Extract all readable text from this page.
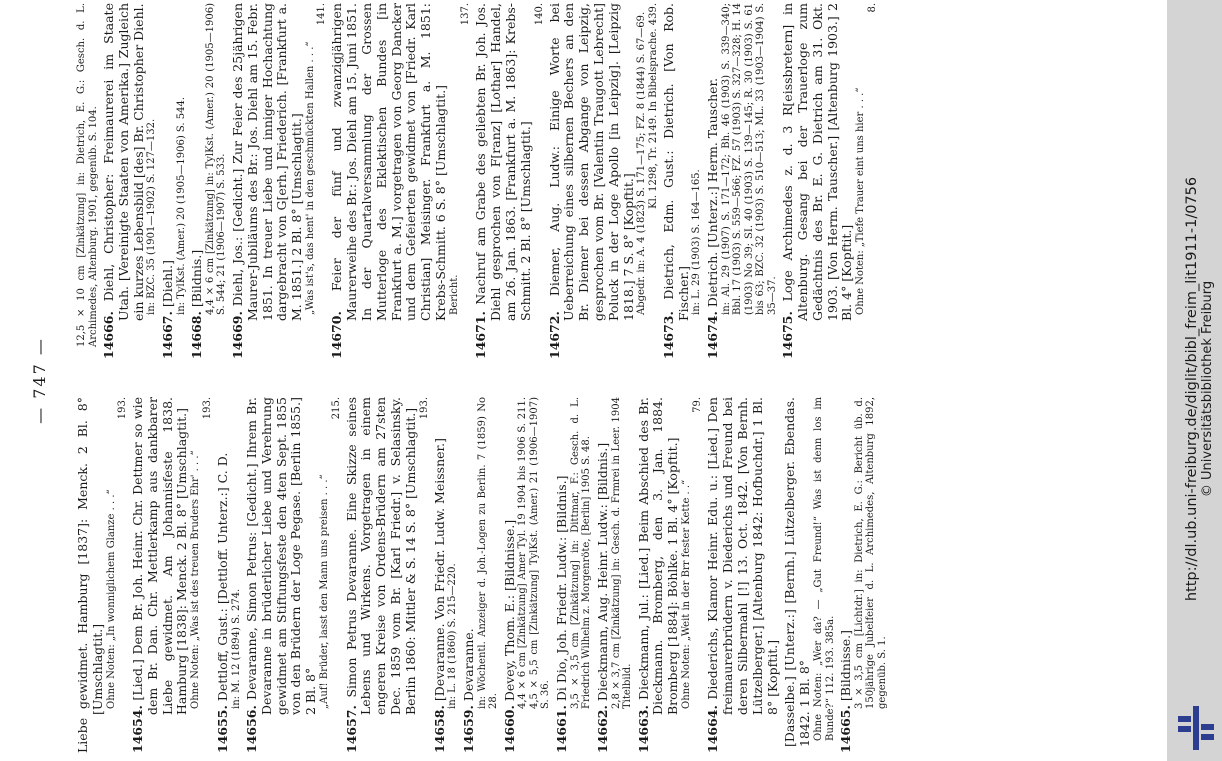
— 747 —
Liebe gewidmet. Hamburg [1837]: Menck. 2 Bl. 8° [Umschlagtit.] Ohne Noten: „In wonniglichem Glanze . . .“
193.
14654. [Lied.] Dem Br. Joh. Heinr. Chr. Dettmer so wie dem Br. Dan. Chr. Mettlerkamp aus dankbarer Liebe gewidmet. Am Johannisfeste 1838. Hamburg [1838]: Menck. 2 Bl. 8° [Umschlagtit.] Ohne Noten: „Was ist des treuen Bruders Ehr' . . .“
193.
14655. Dettloff, Gust.: [Dettloff. Unterz.:] C. D. in: M. 12 (1894) S. 274.
14656. Devaranne, Simon Petrus: [Gedicht.] Ihrem Br. Devaranne in brüderlicher Liebe und Verehrung gewidmet am Stiftungsfeste den 4ten Sept. 1855 von den Brüdern der Loge Pegase. [Berlin 1855.] 2 Bl. 8° „Auf! Brüder, lasst den Mann uns preisen . . .“
215.
14657. Simon Petrus Devaranne. Eine Skizze seines Lebens und Wirkens. Vorgetragen in einem engeren Kreise von Ordens-Brüdern am 27sten Dec. 1859 vom Br. [Karl Friedr.] v. Selasinsky. Berlin 1860: Mittler & S. 14 S. 8° [Umschlagtit.] 193.
14658. [Devaranne. Von Friedr. Ludw. Meissner.] in: L. 18 (1860) S. 215—220.
14659. Devaranne. in: Wöchentl. Anzeiger d. Joh.-Logen zu Berlin. 7 (1859) No 28.
14660. Devey, Thom. E.: [Bildnisse.] 4,4 × 6 cm [Zinkätzung] Amer Tyl. 19 1904 bis 1906 S. 211. 4,5 × 5,5 cm [Zinkätzung] TylKst. (Amer.) 21 (1906—1907) S. 36.
14661. Di Dio, Joh. Friedr. Ludw.: [Bildnis.] 3,5 × 3,5 cm [Zinkätzung] in: Dittmar, F.: Gesch. d. L. Friedrich Wilhelm z. Morgenröte, [Berlin] 1905 S. 48.
14662. Dieckmann, Aug. Heinr. Ludw.: [Bildnis.] 2,8 × 3,7 cm [Zinkätzung] in: Gesch. d. Frmrei in Leer. 1904 Titelbild.
14663. Dieckmann, Jul.: [Lied.] Beim Abschied des Br. Dieckmann. Bromberg, den 3. Jan. 1884. Bromberg [1884]: Böhlke. 1 Bl. 4° [Kopftit.] Ohne Noten: „Weit in der Brr fester Kette . .“
79.
14664. Diederichs, Klamor Heinr. Edu. u.: [Lied.] Den freimaurerbrüdern v. Diederichs und Freund bei deren Silbermahl [!] 13. Oct. 1842. [Von Bernh. Lützelberger.] [Altenburg 1842: Hofbuchdr.] 1 Bl. 8° [Kopftit.] [Dasselbe.] [Unterz.:] [Bernh.] Lützelberger. Ebendas. 1842. 1 Bl. 8° Ohne Noten: „Wer da? — „Gut Freund!“ Was ist denn los im Bunde?“ 112. 193. 385a. 14665. [Bildnisse.] 3 × 3,5 cm [Lichtdr.] in: Dietrich, E. G.: Bericht üb. d. 150jährige Jubelfeier d. L. Archimedes, Altenburg 1892, gegenüb. S. 1.
12,5 × 10 cm [Zinkätzung] in: Dietrich, E. G.: Gesch. d. L. Archimedes, Altenburg. 1901, gegenüb. S. 104. 14666. Diehl, Christopher: Freimaurerei im Staate Utah. [Vereinigte Staaten von Amerika.] Zugleich ein kurzes Lebensbild [des] Br. Christopher Diehl. in: BZC. 35 (1901—1902) S. 127—132.
14667. [Diehl.] in: TylKst. (Amer.) 20 (1905—1906) S. 544.
14668. [Bildnis.] 4,4 × 6 cm [Zinkätzung] in: TylKst. (Amer.) 20 (1905—1906) S. 544; 21 (1906—1907) S. 533.
14669. Diehl, Jos.: [Gedicht.] Zur Feier des 25jährigen Maurer-Jubiläums des Br.: Jos. Diehl am 15. Febr. 1851. In treuer Liebe und inniger Hochachtung dargebracht von G[erh.] Friederich. [Frankfurt a. M. 1851.] 2 Bl. 8° [Umschlagtit.] „Was ist's, das hent' in den geschmückten Hallen . . .“
141.
14670. Feier der fünf und zwanzigjährigen Maurerweihe des Br.: Jos. Diehl am 15. Juni 1851. In der Quartalversammlung der Grossen Mutterloge des Eklektischen Bundes [in Frankfurt a. M.] vorgetragen von Georg Dancker und dem Gefeierten gewidmet von [Friedr. Karl Christian] Meisinger. Frankfurt a. M. 1851: Krebs-Schmitt. 6 S. 8° [Umschlagtit.] Bericht.
137.
14671. Nachruf am Grabe des geliebten Br. Joh. Jos. Diehl gesprochen von F[ranz] [Lothar] Handel, am 26. Jan. 1863. [Frankfurt a. M. 1863]: Krebs-Schmitt. 2 Bl. 8° [Umschlagtit.]
140.
14672. Diemer, Aug. Ludw.: Einige Worte bei Ueberreichung eines silbernen Bechers an den Br. Diemer bei dessen Abgange von Leipzig, gesprochen vom Br. [Valentin Traugott Lebrecht] Poluck in der Loge Apollo [in Leipzig]. [Leipzig 1818.] 7 S. 8° [Kopftit.] Abgedr. in: A. 4 (1823) S. 171—175; FZ. 8 (1844) S. 67—69. Kl. 1298, Tr. 2149. In Bibelsprache. 439.
14673. Dietrich, Edm. Gust.: Dietrich. [Von Rob. Fischer.] in: L. 29 (1903) S. 164—165.
14674. Dietrich. [Unterz.:] Herm. Tauscher. in: Al. 29 (1907) S. 171—172; Bh. 46 (1903) S. 339—340; Bbl. 17 (1903) S. 559—566; FZ. 57 (1903) S. 327—328; H. 14 (1903) No 39; SI. 40 (1903) S. 139—145; R. 30 (1903) S. 61 bis 63; BZC. 32 (1903) S. 510—513; ML. 33 (1903—1904) S. 35—37.
14675. Loge Archimedes z. d. 3 R[eissbretern] in Altenburg. Gesang bei der Trauerloge zum Gedächtnis des Br. E. G. Dietrich am 31. Okt. 1903. [Von Herm. Tauscher.] [Altenburg 1903.] 2 Bl. 4° [Kopftit.] Ohne Noten: „Tiefe Trauer eint uns hier . . .“
8.
http://dl.ub.uni-freiburg.de/diglit/bibl_freim_lit1911-1/0756 © Universitätsbibliothek Freiburg
